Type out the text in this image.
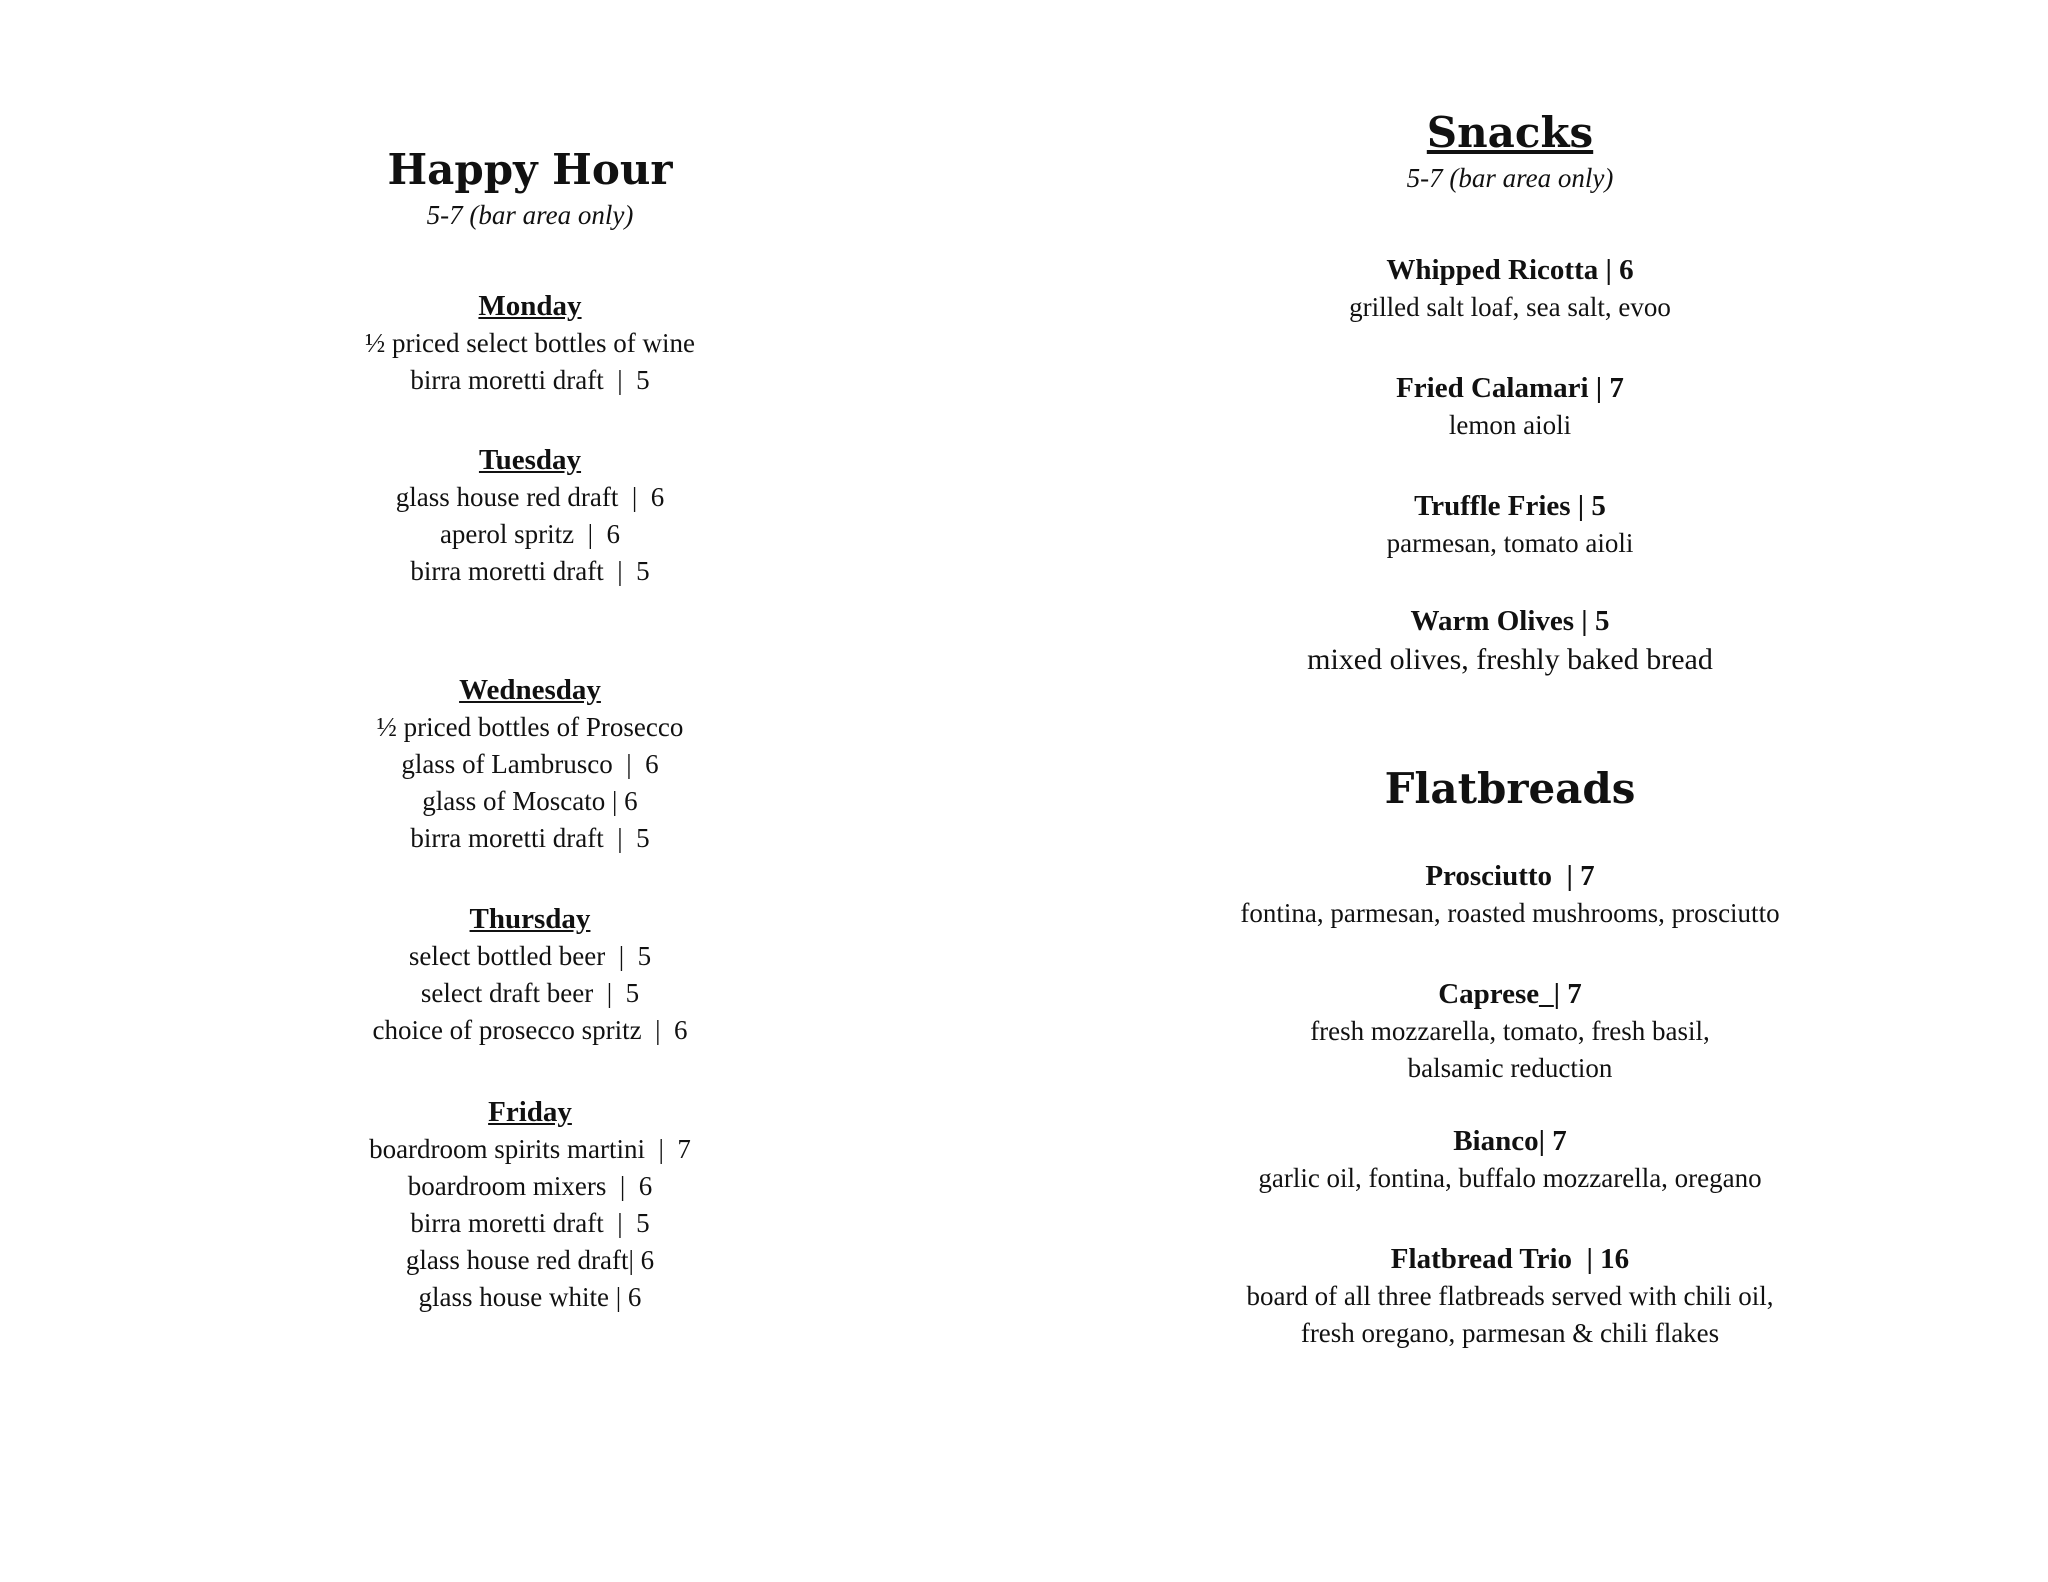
Happy Hour

5-7 (bar area only)

Monday

½ priced select bottles of wine

birra moretti draft  |  5

Tuesday

glass house red draft  |  6

aperol spritz  |  6

birra moretti draft  |  5

Wednesday

½ priced bottles of Prosecco

glass of Lambrusco  |  6

glass of Moscato | 6

birra moretti draft  |  5

Thursday

select bottled beer  |  5

select draft beer  |  5

choice of prosecco spritz  |  6

Friday

boardroom spirits martini  |  7

boardroom mixers  |  6

birra moretti draft  |  5

glass house red draft| 6

glass house white | 6

Snacks

5-7 (bar area only)

Whipped Ricotta | 6

grilled salt loaf, sea salt, evoo

Fried Calamari | 7

lemon aioli

Truffle Fries | 5

parmesan, tomato aioli

Warm Olives | 5

mixed olives, freshly baked bread

Flatbreads

Prosciutto  | 7

fontina, parmesan, roasted mushrooms, prosciutto

Caprese_| 7

fresh mozzarella, tomato, fresh basil,

balsamic reduction

Bianco| 7

garlic oil, fontina, buffalo mozzarella, oregano

Flatbread Trio  | 16

board of all three flatbreads served with chili oil,

fresh oregano, parmesan & chili flakes
